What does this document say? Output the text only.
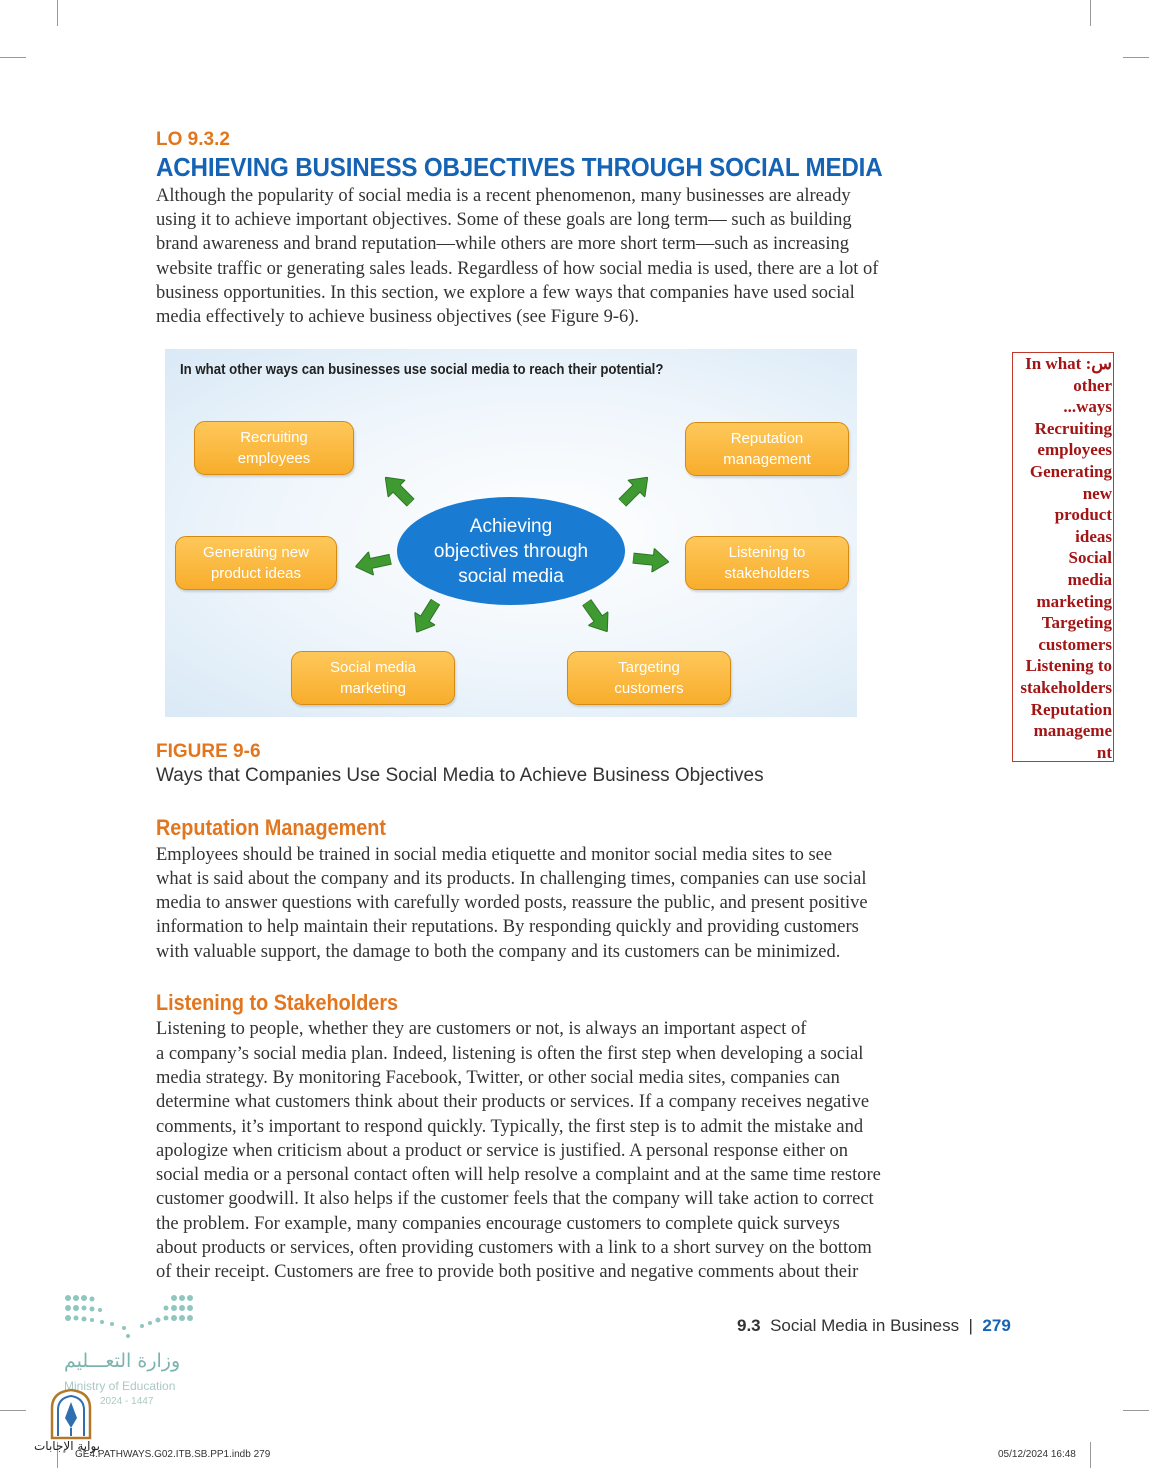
LO 9.3.2
ACHIEVING BUSINESS OBJECTIVES THROUGH SOCIAL MEDIA

Although the popularity of social media is a recent phenomenon, many businesses are already

using it to achieve important objectives. Some of these goals are long term— such as building

brand awareness and brand reputation—while others are more short term—such as increasing

website traffic or generating sales leads. Regardless of how social media is used, there are a lot of

business opportunities. In this section, we explore a few ways that companies have used social

media effectively to achieve business objectives (see Figure 9-6).

In what other ways can businesses use social media to reach their potential?
Recruiting
employees
Reputation
management
Generating new
product ideas
Listening to
stakeholders
Social media
marketing
Targeting
customers
Achieving
objectives through
social media
FIGURE 9-6
Ways that Companies Use Social Media to Achieve Business Objectives
Reputation Management

Employees should be trained in social media etiquette and monitor social media sites to see

what is said about the company and its products. In challenging times, companies can use social

media to answer questions with carefully worded posts, reassure the public, and present positive

information to help maintain their reputations. By responding quickly and providing customers

with valuable support, the damage to both the company and its customers can be minimized.

Listening to Stakeholders

Listening to people, whether they are customers or not, is always an important aspect of

a company’s social media plan. Indeed, listening is often the first step when developing a social

media strategy. By monitoring Facebook, Twitter, or other social media sites, companies can

determine what customers think about their products or services. If a company receives negative

comments, it’s important to respond quickly. Typically, the first step is to admit the mistake and

apologize when criticism about a product or service is justified. A personal response either on

social media or a personal contact often will help resolve a complaint and at the same time restore

customer goodwill. It also helps if the customer feels that the company will take action to correct

the problem. For example, many companies encourage customers to complete quick surveys

about products or services, often providing customers with a link to a short survey on the bottom

of their receipt. Customers are free to provide both positive and negative comments about their

In what :س
other
...ways
Recruiting
employees
Generating
new
product
ideas
Social
media
marketing
Targeting
customers
Listening to
stakeholders
Reputation
manageme
nt
9.3 Social Media in Business | 279
وزارة التعـــليم
Ministry of Education
2024 - 1447
بوابة الإجابات
GE4.PATHWAYS.G02.ITB.SB.PP1.indb 279	05/12/2024 16:48
